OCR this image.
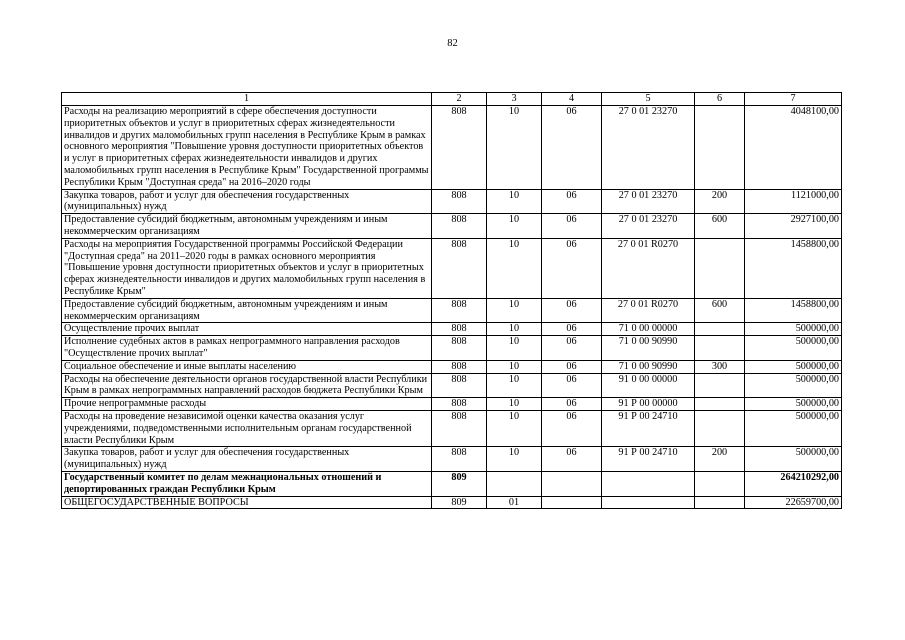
82
1	2	3	4	5	6	7
Расходы на реализацию мероприятий в сфере обеспечения доступности приоритетных объектов и услуг в приоритетных сферах жизнедеятельности инвалидов и других маломобильных групп населения в Республике Крым в рамках основного мероприятия "Повышение уровня доступности приоритетных объектов и услуг в приоритетных сферах жизнедеятельности инвалидов и других маломобильных групп населения в Республике Крым" Государственной программы Республики Крым "Доступная среда" на 2016–2020 годы	808	10	06	27 0 01 23270		4048100,00
Закупка товаров, работ и услуг для обеспечения государственных (муниципальных) нужд	808	10	06	27 0 01 23270	200	1121000,00
Предоставление субсидий бюджетным, автономным учреждениям и иным некоммерческим организациям	808	10	06	27 0 01 23270	600	2927100,00
Расходы на мероприятия Государственной программы Российской Федерации "Доступная среда" на 2011–2020 годы в рамках основного мероприятия "Повышение уровня доступности приоритетных объектов и услуг в приоритетных сферах жизнедеятельности инвалидов и других маломобильных групп населения в Республике Крым"	808	10	06	27 0 01 R0270		1458800,00
Предоставление субсидий бюджетным, автономным учреждениям и иным некоммерческим организациям	808	10	06	27 0 01 R0270	600	1458800,00
Осуществление прочих выплат	808	10	06	71 0 00 00000		500000,00
Исполнение судебных актов в рамках непрограммного направления расходов "Осуществление прочих выплат"	808	10	06	71 0 00 90990		500000,00
Социальное обеспечение и иные выплаты населению	808	10	06	71 0 00 90990	300	500000,00
Расходы на обеспечение деятельности органов государственной власти Республики Крым в рамках непрограммных направлений расходов бюджета Республики Крым	808	10	06	91 0 00 00000		500000,00
Прочие непрограммные расходы	808	10	06	91 Р 00 00000		500000,00
Расходы на проведение независимой оценки качества оказания услуг учреждениями, подведомственными исполнительным органам государственной власти Республики Крым	808	10	06	91 Р 00 24710		500000,00
Закупка товаров, работ и услуг для обеспечения государственных (муниципальных) нужд	808	10	06	91 Р 00 24710	200	500000,00
Государственный комитет по делам межнациональных отношений и депортированных граждан Республики Крым	809					264210292,00
ОБЩЕГОСУДАРСТВЕННЫЕ ВОПРОСЫ	809	01				22659700,00
